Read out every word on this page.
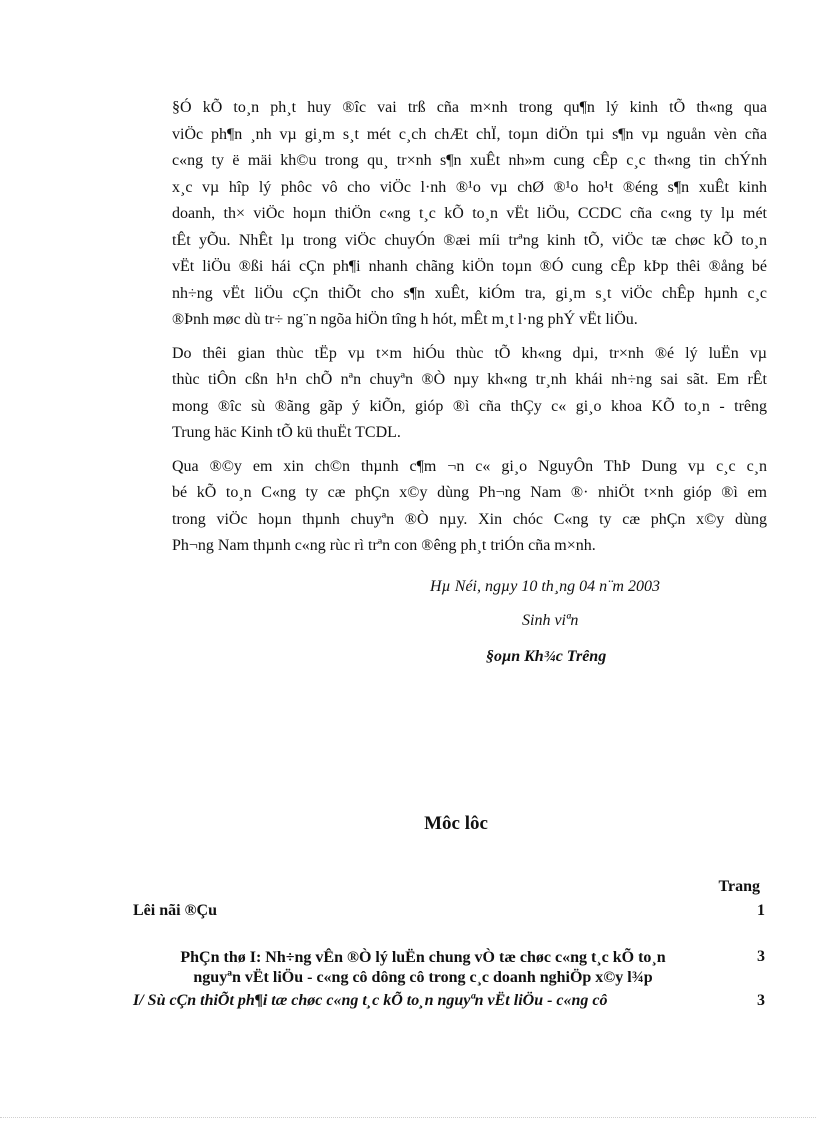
§Ó kÕ to¸n ph¸t huy ®îc vai trß cña m×nh trong qu¶n lý kinh tÕ th«ng qua
viÖc ph¶n ¸nh vµ gi¸m s¸t mét c¸ch chÆt chÏ, toµn diÖn tµi s¶n vµ nguån vèn cña
c«ng ty ë mäi kh©u trong qu¸ tr×nh s¶n xuÊt nh»m cung cÊp c¸c th«ng tin chÝnh
x¸c vµ hîp lý phôc vô cho viÖc l·nh ®¹o vµ chØ ®¹o ho¹t ®éng s¶n xuÊt kinh
doanh, th× viÖc hoµn thiÖn c«ng t¸c kÕ to¸n vËt liÖu, CCDC cña c«ng ty lµ mét
tÊt yÕu. NhÊt lµ trong viÖc chuyÓn ®æi míi trªng kinh tÕ, viÖc tæ chøc kÕ to¸n
vËt liÖu ®ßi hái cÇn ph¶i nhanh chãng kiÖn toµn ®Ó cung cÊp kÞp thêi ®ång bé
nh÷ng vËt liÖu cÇn thiÕt cho s¶n xuÊt, kiÓm tra, gi¸m s¸t viÖc chÊp hµnh c¸c
®Þnh møc dù tr÷ ng¨n ngõa hiÖn tîng h hót, mÊt m¸t l·ng phÝ vËt liÖu.

Do thêi gian thùc tËp vµ t×m hiÓu thùc tÕ kh«ng dµi, tr×nh ®é lý luËn vµ
thùc tiÔn cßn h¹n chÕ nªn chuyªn ®Ò nµy kh«ng tr¸nh khái nh÷ng sai sãt. Em rÊt
mong ®îc sù ®ãng gãp ý kiÕn, gióp ®ì cña thÇy c« gi¸o khoa KÕ to¸n - trêng
Trung häc Kinh tÕ kü thuËt TCDL.

Qua ®©y em xin ch©n thµnh c¶m ¬n c« gi¸o NguyÔn ThÞ Dung vµ c¸c c¸n
bé kÕ to¸n C«ng ty cæ phÇn x©y dùng Ph¬ng Nam ®· nhiÖt t×nh gióp ®ì em
trong viÖc hoµn thµnh chuyªn ®Ò nµy. Xin chóc C«ng ty cæ phÇn x©y dùng
Ph¬ng Nam thµnh c«ng rùc rì trªn con ®êng ph¸t triÓn cña m×nh.

Hµ Néi, ngµy 10 th¸ng 04 n¨m 2003
Sinh viªn
§oµn Kh¾c Trêng
Môc lôc
Trang
Lêi nãi ®Çu	1
PhÇn thø I: Nh÷ng vÊn ®Ò lý luËn chung vÒ tæ chøc c«ng t¸c kÕ to¸n
nguyªn vËt liÖu - c«ng cô dông cô trong c¸c doanh nghiÖp x©y l¾p
3
I/ Sù cÇn thiÕt ph¶i tæ chøc c«ng t¸c kÕ to¸n nguyªn vËt liÖu - c«ng cô	3
